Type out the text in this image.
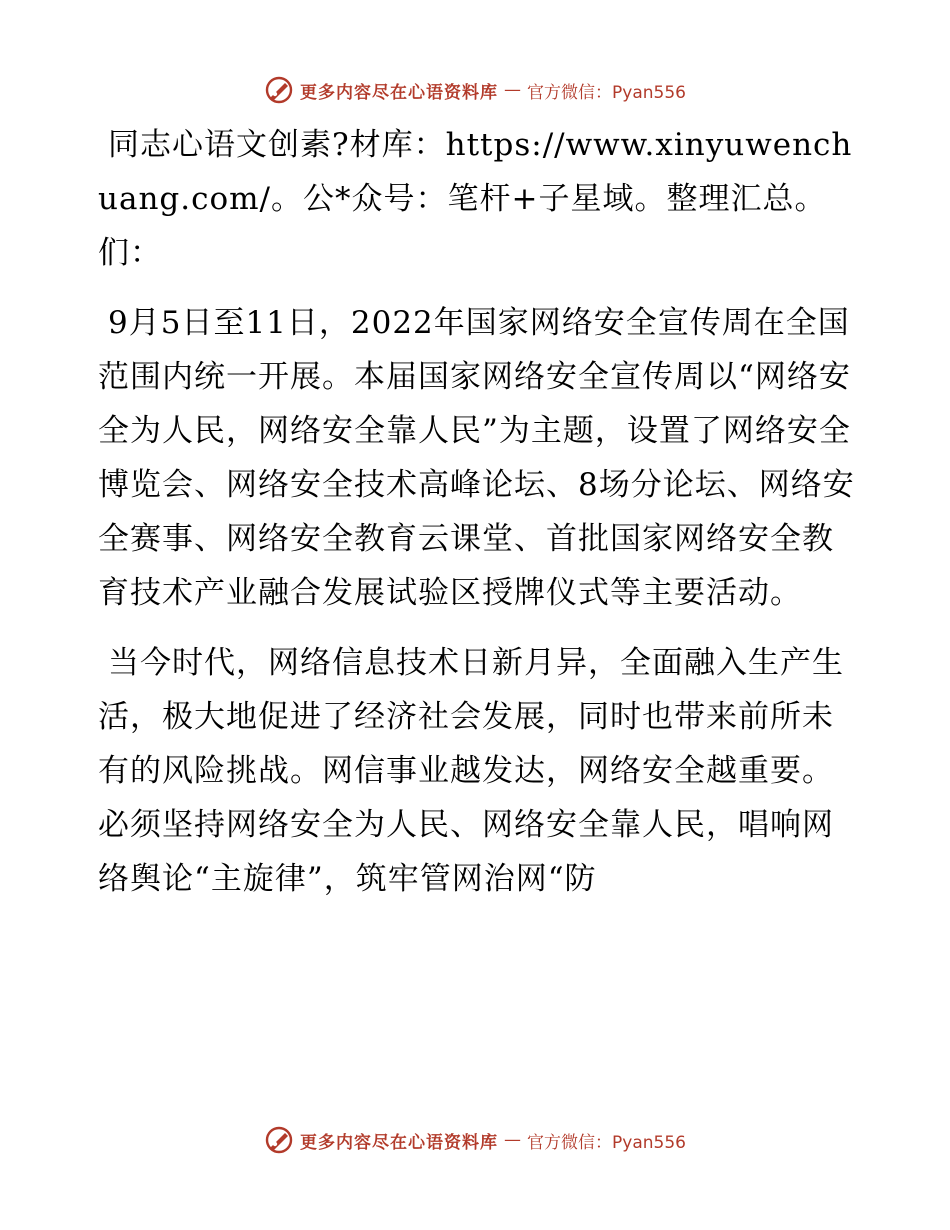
更多内容尽在心语资料库 — 官方微信：Pyan556

同志心语文创素?材库：https://www.xinyuwenchuang.com/。公*众号：笔杆+子星域。整理汇总。们：

9月5日至11日，2022年国家网络安全宣传周在全国范围内统一开展。本届国家网络安全宣传周以“网络安全为人民，网络安全靠人民”为主题，设置了网络安全博览会、网络安全技术高峰论坛、8场分论坛、网络安全赛事、网络安全教育云课堂、首批国家网络安全教育技术产业融合发展试验区授牌仪式等主要活动。

当今时代，网络信息技术日新月异，全面融入生产生活，极大地促进了经济社会发展，同时也带来前所未有的风险挑战。网信事业越发达，网络安全越重要。必须坚持网络安全为人民、网络安全靠人民，唱响网络舆论“主旋律”，筑牢管网治网“防

更多内容尽在心语资料库 — 官方微信：Pyan556
